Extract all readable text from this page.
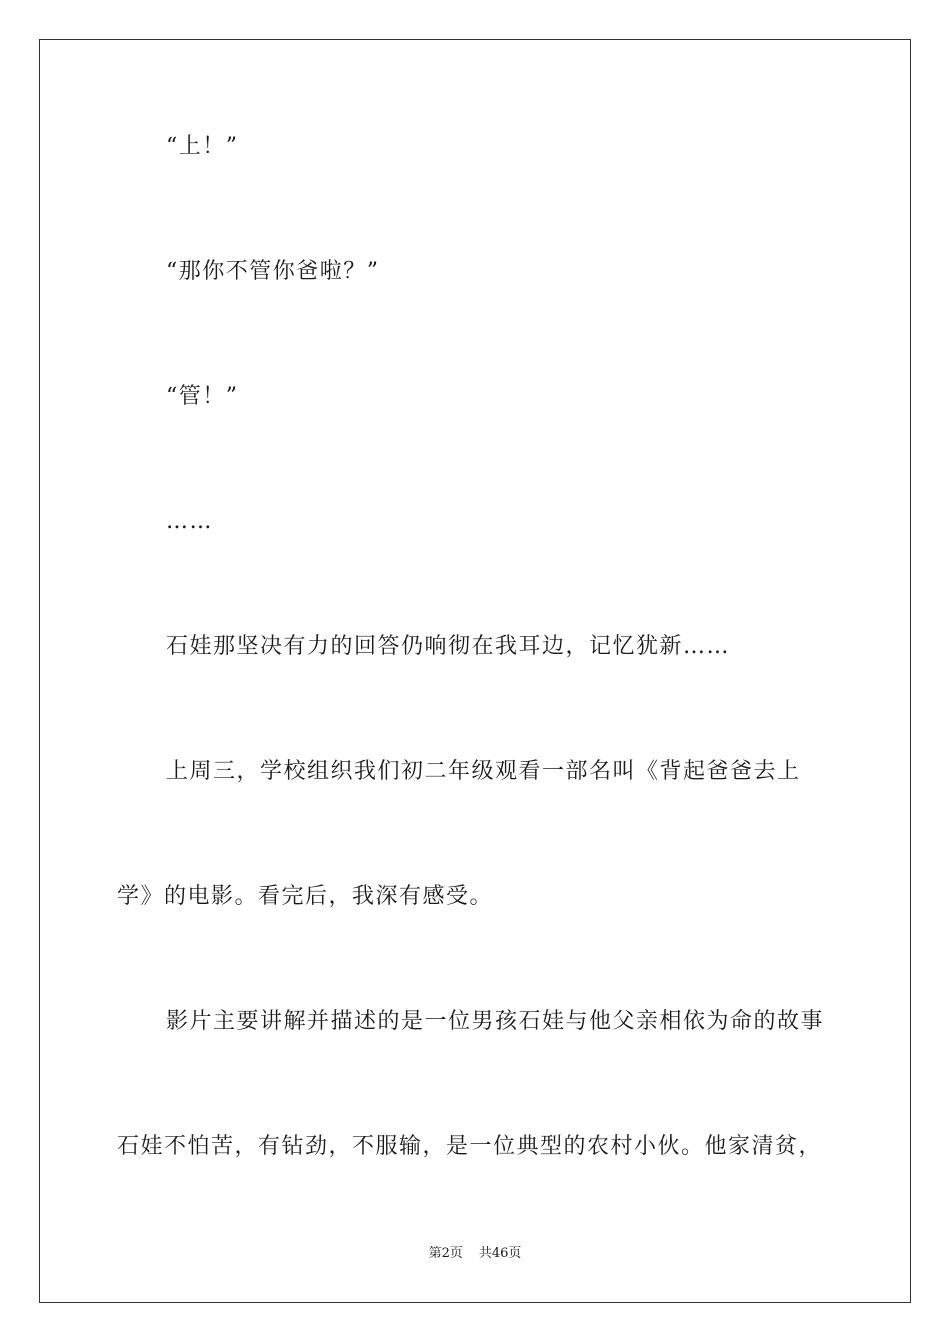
“上！”
“那你不管你爸啦？”
“管！”
……
石娃那坚决有力的回答仍响彻在我耳边，记忆犹新……
上周三，学校组织我们初二年级观看一部名叫《背起爸爸去上
学》的电影。看完后，我深有感受。
影片主要讲解并描述的是一位男孩石娃与他父亲相依为命的故事
石娃不怕苦，有钻劲，不服输，是一位典型的农村小伙。他家清贫，
第2页 共46页
